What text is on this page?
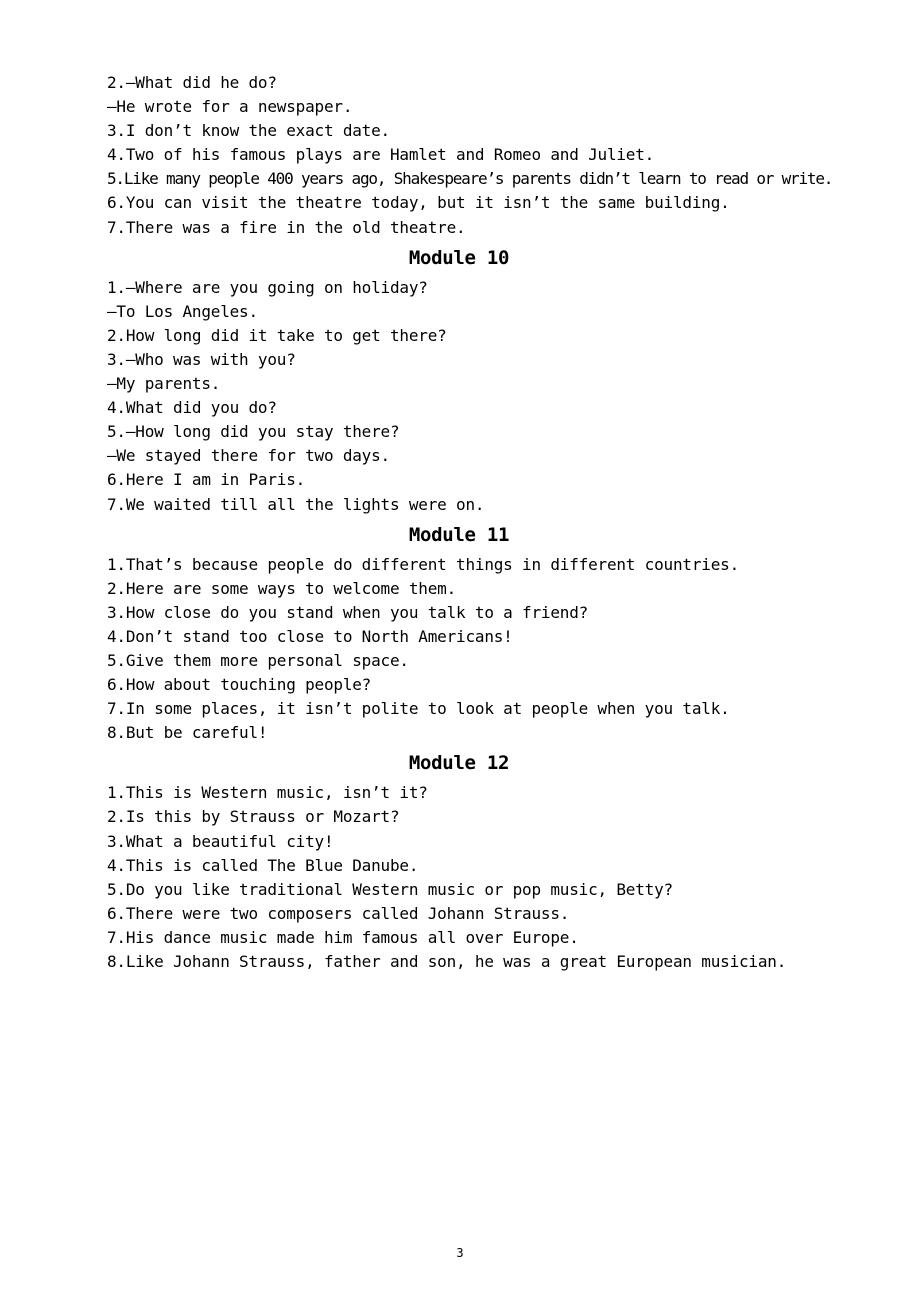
2.—What did he do?
—He wrote for a newspaper.
3.I don’t know the exact date.
4.Two of his famous plays are Hamlet and Romeo and Juliet.
5.Like many people 400 years ago, Shakespeare’s parents didn’t learn to read or write.
6.You can visit the theatre today, but it isn’t the same building.
7.There was a fire in the old theatre.
Module 10
1.—Where are you going on holiday?
—To Los Angeles.
2.How long did it take to get there?
3.—Who was with you?
—My parents.
4.What did you do?
5.—How long did you stay there?
—We stayed there for two days.
6.Here I am in Paris.
7.We waited till all the lights were on.
Module 11
1.That’s because people do different things in different countries.
2.Here are some ways to welcome them.
3.How close do you stand when you talk to a friend?
4.Don’t stand too close to North Americans!
5.Give them more personal space.
6.How about touching people?
7.In some places, it isn’t polite to look at people when you talk.
8.But be careful!
Module 12
1.This is Western music, isn’t it?
2.Is this by Strauss or Mozart?
3.What a beautiful city!
4.This is called The Blue Danube.
5.Do you like traditional Western music or pop music, Betty?
6.There were two composers called Johann Strauss.
7.His dance music made him famous all over Europe.
8.Like Johann Strauss, father and son, he was a great European musician.
3
